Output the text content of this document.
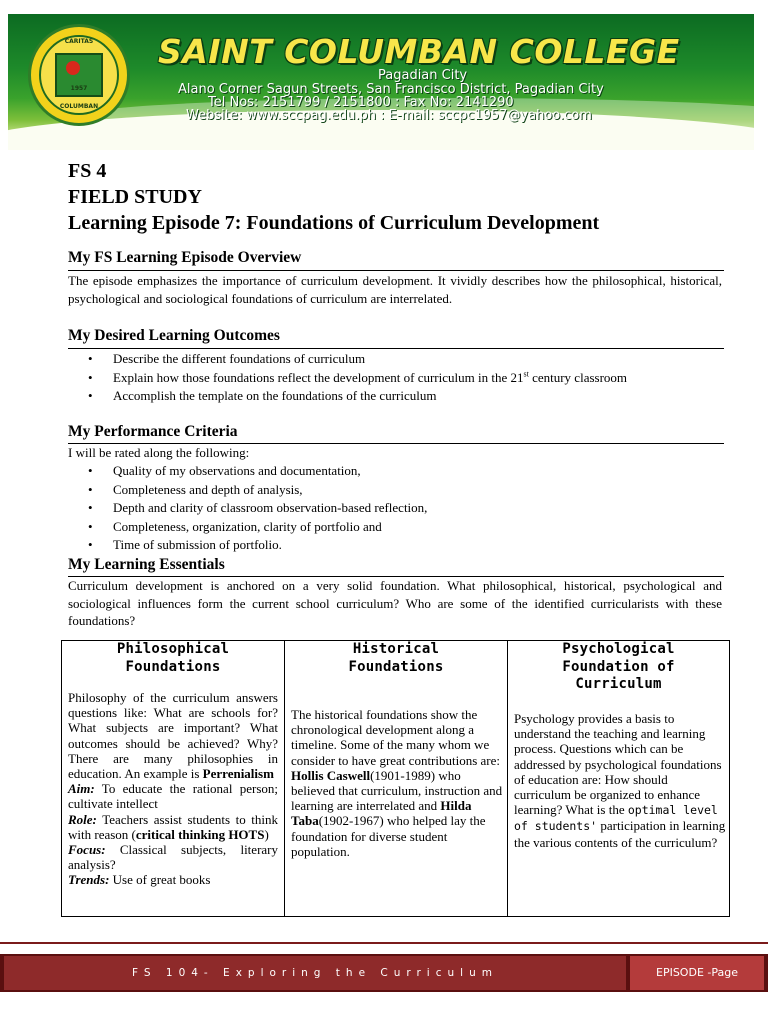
CARITAS
1957
COLUMBAN
SAINT COLUMBAN COLLEGE
Pagadian City
Alano Corner Sagun Streets, San Francisco District, Pagadian City
Tel Nos: 2151799 / 2151800 : Fax No: 2141290
Website: www.sccpag.edu.ph : E-mail: sccpc1957@yahoo.com
FS 4
FIELD STUDY
Learning Episode 7: Foundations of Curriculum Development
My FS Learning Episode Overview
The episode emphasizes the importance of curriculum development. It vividly describes how the philosophical, historical, psychological and sociological foundations of curriculum are interrelated.
My Desired Learning Outcomes
• Describe the different foundations of curriculum
• Explain how those foundations reflect the development of curriculum in the 21st century classroom
• Accomplish the template on the foundations of the curriculum
My Performance Criteria
I will be rated along the following:
• Quality of my observations and documentation,
• Completeness and depth of analysis,
• Depth and clarity of classroom observation-based reflection,
• Completeness, organization, clarity of portfolio and
• Time of submission of portfolio.
My Learning Essentials
Curriculum development is anchored on a very solid foundation. What philosophical, historical, psychological and sociological influences form the current school curriculum? Who are some of the identified curricularists with these foundations?
Philosophical
Foundations
Philosophy of the curriculum answers questions like: What are schools for? What subjects are important? What outcomes should be achieved? Why? There are many philosophies in education. An example is Perrenialism
Aim: To educate the rational person; cultivate intellect
Role: Teachers assist students to think with reason (critical thinking HOTS)
Focus: Classical subjects, literary analysis?
Trends: Use of great books
Historical
Foundations
The historical foundations show the chronological development along a timeline. Some of the many whom we consider to have great contributions are: Hollis Caswell(1901-1989) who believed that curriculum, instruction and learning are interrelated and Hilda Taba(1902-1967) who helped lay the foundation for diverse student population.
Psychological
Foundation of
Curriculum
Psychology provides a basis to understand the teaching and learning process. Questions which can be addressed by psychological foundations of education are: How should curriculum be organized to enhance learning? What is the optimal level of students' participation in learning the various contents of the curriculum?
FS 104- Exploring the Curriculum	EPISODE -Page
